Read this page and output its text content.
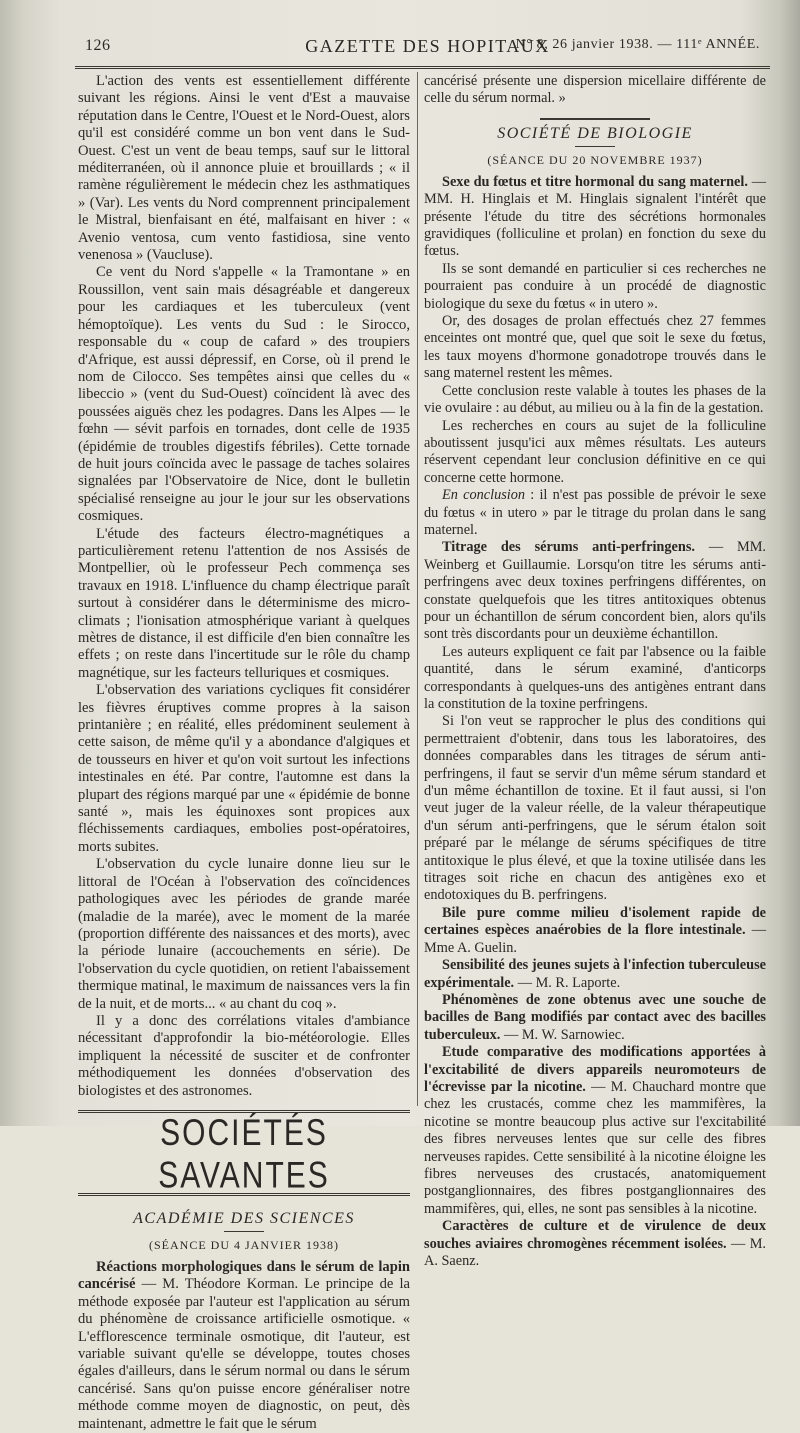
126	GAZETTE DES HOPITAUX
N° 8, 26 janvier 1938. — 111ᵉ ANNÉE.

L'action des vents est essentiellement différente suivant les régions. Ainsi le vent d'Est a mauvaise réputation dans le Centre, l'Ouest et le Nord-Ouest, alors qu'il est considéré comme un bon vent dans le Sud-Ouest. C'est un vent de beau temps, sauf sur le littoral méditerranéen, où il annonce pluie et brouillards ; « il ramène régulièrement le médecin chez les asthmatiques » (Var). Les vents du Nord comprennent principalement le Mistral, bienfaisant en été, malfaisant en hiver : « Avenio ventosa, cum vento fastidiosa, sine vento venenosa » (Vaucluse).

Ce vent du Nord s'appelle « la Tramontane » en Roussillon, vent sain mais désagréable et dangereux pour les cardiaques et les tuberculeux (vent hémoptoïque). Les vents du Sud : le Sirocco, responsable du « coup de cafard » des troupiers d'Afrique, est aussi dépressif, en Corse, où il prend le nom de Cilocco. Ses tempêtes ainsi que celles du « libeccio » (vent du Sud-Ouest) coïncident là avec des poussées aiguës chez les podagres. Dans les Alpes — le fœhn — sévit parfois en tornades, dont celle de 1935 (épidémie de troubles digestifs fébriles). Cette tornade de huit jours coïncida avec le passage de taches solaires signalées par l'Observatoire de Nice, dont le bulletin spécialisé renseigne au jour le jour sur les observations cosmiques.

L'étude des facteurs électro-magnétiques a particulièrement retenu l'attention de nos Assisés de Montpellier, où le professeur Pech commença ses travaux en 1918. L'influence du champ électrique paraît surtout à considérer dans le déterminisme des micro-climats ; l'ionisation atmosphérique variant à quelques mètres de distance, il est difficile d'en bien connaître les effets ; on reste dans l'incertitude sur le rôle du champ magnétique, sur les facteurs telluriques et cosmiques.

L'observation des variations cycliques fit considérer les fièvres éruptives comme propres à la saison printanière ; en réalité, elles prédominent seulement à cette saison, de même qu'il y a abondance d'algiques et de tousseurs en hiver et qu'on voit surtout les infections intestinales en été. Par contre, l'automne est dans la plupart des régions marqué par une « épidémie de bonne santé », mais les équinoxes sont propices aux fléchissements cardiaques, embolies post-opératoires, morts subites.

L'observation du cycle lunaire donne lieu sur le littoral de l'Océan à l'observation des coïncidences pathologiques avec les périodes de grande marée (maladie de la marée), avec le moment de la marée (proportion différente des naissances et des morts), avec la période lunaire (accouchements en série). De l'observation du cycle quotidien, on retient l'abaissement thermique matinal, le maximum de naissances vers la fin de la nuit, et de morts... « au chant du coq ».

Il y a donc des corrélations vitales d'ambiance nécessitant d'approfondir la bio-météorologie. Elles impliquent la nécessité de susciter et de confronter méthodiquement les données d'observation des biologistes et des astronomes.

SOCIÉTÉS SAVANTES
ACADÉMIE DES SCIENCES
(SÉANCE DU 4 JANVIER 1938)

Réactions morphologiques dans le sérum de lapin cancérisé — M. Théodore Korman. Le principe de la méthode exposée par l'auteur est l'application au sérum du phénomène de croissance artificielle osmotique. « L'efflorescence terminale osmotique, dit l'auteur, est variable suivant qu'elle se développe, toutes choses égales d'ailleurs, dans le sérum normal ou dans le sérum cancérisé. Sans qu'on puisse encore généraliser notre méthode comme moyen de diagnostic, on peut, dès maintenant, admettre le fait que le sérum

cancérisé présente une dispersion micellaire différente de celle du sérum normal. »

SOCIÉTÉ DE BIOLOGIE
(SÉANCE DU 20 NOVEMBRE 1937)

Sexe du fœtus et titre hormonal du sang maternel. — MM. H. Hinglais et M. Hinglais signalent l'intérêt que présente l'étude du titre des sécrétions hormonales gravidiques (folliculine et prolan) en fonction du sexe du fœtus.

Ils se sont demandé en particulier si ces recherches ne pourraient pas conduire à un procédé de diagnostic biologique du sexe du fœtus « in utero ».

Or, des dosages de prolan effectués chez 27 femmes enceintes ont montré que, quel que soit le sexe du fœtus, les taux moyens d'hormone gonadotrope trouvés dans le sang maternel restent les mêmes.

Cette conclusion reste valable à toutes les phases de la vie ovulaire : au début, au milieu ou à la fin de la gestation.

Les recherches en cours au sujet de la folliculine aboutissent jusqu'ici aux mêmes résultats. Les auteurs réservent cependant leur conclusion définitive en ce qui concerne cette hormone.

En conclusion : il n'est pas possible de prévoir le sexe du fœtus « in utero » par le titrage du prolan dans le sang maternel.

Titrage des sérums anti-perfringens. — MM. Weinberg et Guillaumie. Lorsqu'on titre les sérums anti-perfringens avec deux toxines perfringens différentes, on constate quelquefois que les titres antitoxiques obtenus pour un échantillon de sérum concordent bien, alors qu'ils sont très discordants pour un deuxième échantillon.

Les auteurs expliquent ce fait par l'absence ou la faible quantité, dans le sérum examiné, d'anticorps correspondants à quelques-uns des antigènes entrant dans la constitution de la toxine perfringens.

Si l'on veut se rapprocher le plus des conditions qui permettraient d'obtenir, dans tous les laboratoires, des données comparables dans les titrages de sérum anti-perfringens, il faut se servir d'un même sérum standard et d'un même échantillon de toxine. Et il faut aussi, si l'on veut juger de la valeur réelle, de la valeur thérapeutique d'un sérum anti-perfringens, que le sérum étalon soit préparé par le mélange de sérums spécifiques de titre antitoxique le plus élevé, et que la toxine utilisée dans les titrages soit riche en chacun des antigènes exo et endotoxiques du B. perfringens.

Bile pure comme milieu d'isolement rapide de certaines espèces anaérobies de la flore intestinale. — Mme A. Guelin.

Sensibilité des jeunes sujets à l'infection tuberculeuse expérimentale. — M. R. Laporte.

Phénomènes de zone obtenus avec une souche de bacilles de Bang modifiés par contact avec des bacilles tuberculeux. — M. W. Sarnowiec.

Etude comparative des modifications apportées à l'excitabilité de divers appareils neuromoteurs de l'écrevisse par la nicotine. — M. Chauchard montre que chez les crustacés, comme chez les mammifères, la nicotine se montre beaucoup plus active sur l'excitabilité des fibres nerveuses lentes que sur celle des fibres nerveuses rapides. Cette sensibilité à la nicotine éloigne les fibres nerveuses des crustacés, anatomiquement postganglionnaires, des fibres postganglionnaires des mammifères, qui, elles, ne sont pas sensibles à la nicotine.

Caractères de culture et de virulence de deux souches aviaires chromogènes récemment isolées. — M. A. Saenz.
